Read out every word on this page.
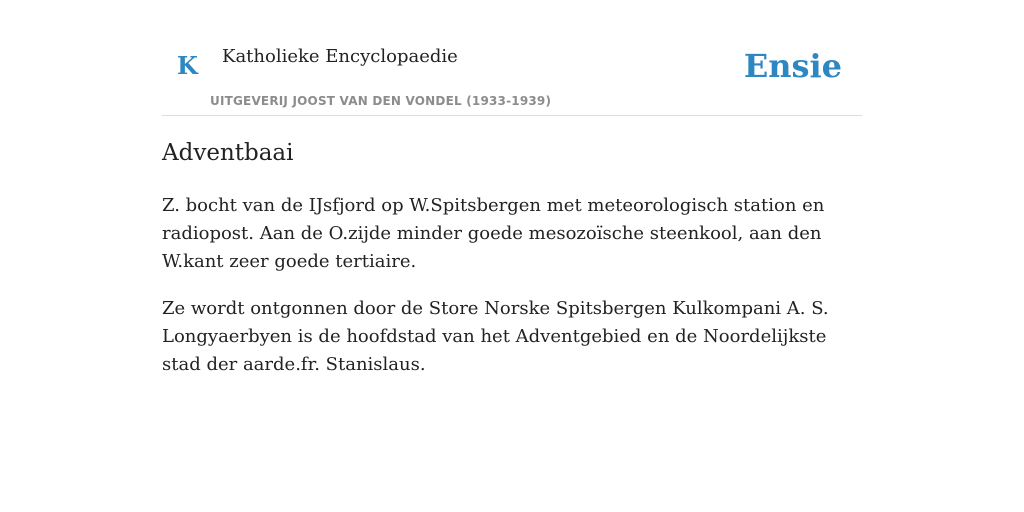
K Katholieke Encyclopaedie
UITGEVERIJ JOOST VAN DEN VONDEL (1933-1939)
Ensie
Adventbaai

Z. bocht van de IJsfjord op W.Spitsbergen met meteorologisch station en radiopost. Aan de O.zijde minder goede mesozoïsche steenkool, aan den W.kant zeer goede tertiaire.

Ze wordt ontgonnen door de Store Norske Spitsbergen Kulkompani A. S. Longyaerbyen is de hoofdstad van het Adventgebied en de Noordelijkste stad der aarde.fr. Stanislaus.
